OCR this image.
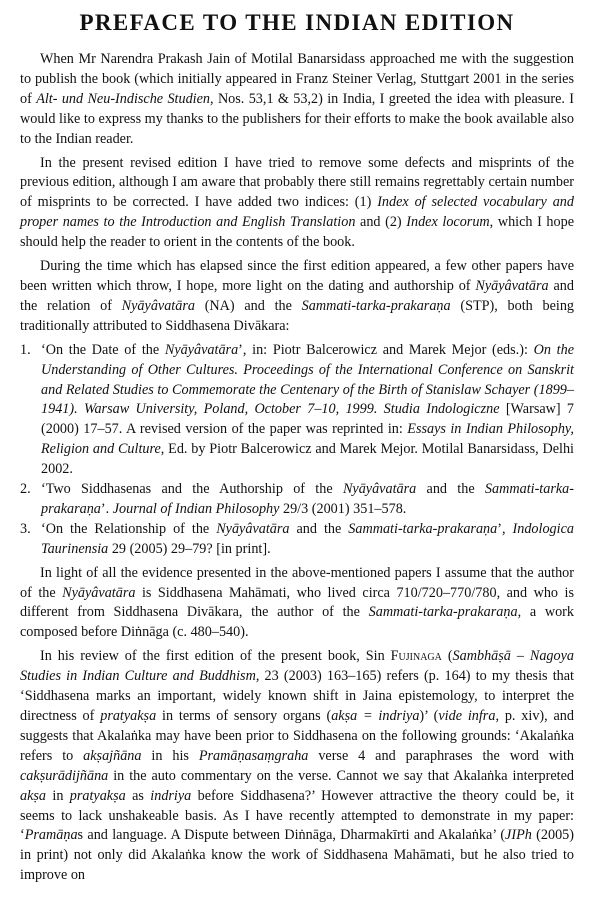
PREFACE TO THE INDIAN EDITION

When Mr Narendra Prakash Jain of Motilal Banarsidass approached me with the suggestion to publish the book (which initially appeared in Franz Steiner Verlag, Stuttgart 2001 in the series of Alt- und Neu-Indische Studien, Nos. 53,1 & 53,2) in India, I greeted the idea with pleasure. I would like to express my thanks to the publishers for their efforts to make the book available also to the Indian reader.

In the present revised edition I have tried to remove some defects and misprints of the previous edition, although I am aware that probably there still remains regrettably certain number of misprints to be corrected. I have added two indices: (1) Index of selected vocabulary and proper names to the Introduction and English Translation and (2) Index locorum, which I hope should help the reader to orient in the contents of the book.

During the time which has elapsed since the first edition appeared, a few other papers have been written which throw, I hope, more light on the dating and authorship of Nyāyâvatāra and the relation of Nyāyâvatāra (NA) and the Sammati-tarka-prakaraṇa (STP), both being traditionally attributed to Siddhasena Divākara:

1. ‘On the Date of the Nyāyâvatāra’, in: Piotr Balcerowicz and Marek Mejor (eds.): On the Understanding of Other Cultures. Proceedings of the International Conference on Sanskrit and Related Studies to Commemorate the Centenary of the Birth of Stanislaw Schayer (1899–1941). Warsaw University, Poland, October 7–10, 1999. Studia Indologiczne [Warsaw] 7 (2000) 17–57. A revised version of the paper was reprinted in: Essays in Indian Philosophy, Religion and Culture, Ed. by Piotr Balcerowicz and Marek Mejor. Motilal Banarsidass, Delhi 2002.
2. ‘Two Siddhasenas and the Authorship of the Nyāyâvatāra and the Sammati-tarka-prakaraṇa’. Journal of Indian Philosophy 29/3 (2001) 351–578.
3. ‘On the Relationship of the Nyāyâvatāra and the Sammati-tarka-prakaraṇa’, Indologica Taurinensia 29 (2005) 29–79? [in print].

In light of all the evidence presented in the above-mentioned papers I assume that the author of the Nyāyâvatāra is Siddhasena Mahāmati, who lived circa 710/720–770/780, and who is different from Siddhasena Divākara, the author of the Sammati-tarka-prakaraṇa, a work composed before Diṅnāga (c. 480–540).

In his review of the first edition of the present book, Sin Fujinaga (Sambhāṣā – Nagoya Studies in Indian Culture and Buddhism, 23 (2003) 163–165) refers (p. 164) to my thesis that ‘Siddhasena marks an important, widely known shift in Jaina epistemology, to interpret the directness of pratyakṣa in terms of sensory organs (akṣa = indriya)’ (vide infra, p. xiv), and suggests that Akalaṅka may have been prior to Siddhasena on the following grounds: ‘Akalaṅka refers to akṣajñāna in his Pramāṇasaṃgraha verse 4 and paraphrases the word with cakṣurādijñāna in the auto commentary on the verse. Cannot we say that Akalaṅka interpreted akṣa in pratyakṣa as indriya before Siddhasena?’ However attractive the theory could be, it seems to lack unshakeable basis. As I have recently attempted to demonstrate in my paper: ‘Pramāṇas and language. A Dispute between Diṅnāga, Dharmakīrti and Akalaṅka’ (JIPh (2005) in print) not only did Akalaṅka know the work of Siddhasena Mahāmati, but he also tried to improve on
